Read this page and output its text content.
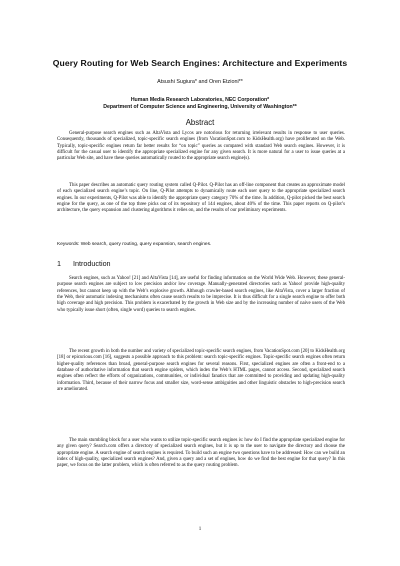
Query Routing for Web Search Engines: Architecture and Experiments
Atsushi Sugiura* and Oren Etzioni**
Human Media Research Laboratories, NEC Corporation*
Department of Computer Science and Engineering, University of Washington**
Abstract

General-purpose search engines such as AltaVista and Lycos are notorious for returning irrelevant results in response to user queries. Consequently, thousands of specialized, topic-specific search engines (from VacationSpot.com to KidsHealth.org) have proliferated on the Web. Typically, topic-specific engines return far better results for “on topic” queries as compared with standard Web search engines. However, it is difficult for the casual user to identify the appropriate specialized engine for any given search. It is more natural for a user to issue queries at a particular Web site, and have these queries automatically routed to the appropriate search engine(s).

This paper describes an automatic query routing system called Q-Pilot. Q-Pilot has an off-line component that creates an approximate model of each specialized search engine’s topic. On line, Q-Pilot attempts to dynamically route each user query to the appropriate specialized search engines. In our experiments, Q-Pilot was able to identify the appropriate query category 70% of the time. In addition, Q-pilot picked the best search engine for the query, as one of the top three picks out of its repository of 144 engines, about 40% of the time. This paper reports on Q-pilot’s architecture, the query expansion and clustering algorithms it relies on, and the results of our preliminary experiments.

Keywords: Web search, query routing, query expansion, search engines.
1 Introduction

Search engines, such as Yahoo! [21] and AltaVista [14], are useful for finding information on the World Wide Web. However, these general-purpose search engines are subject to low precision and/or low coverage. Manually-generated directories such as Yahoo! provide high-quality references, but cannot keep up with the Web’s explosive growth. Although crawler-based search engines, like AltaVista, cover a larger fraction of the Web, their automatic indexing mechanisms often cause search results to be imprecise. It is thus difficult for a single search engine to offer both high coverage and high precision. This problem is exacerbated by the growth in Web size and by the increasing number of naive users of the Web who typically issue short (often, single word) queries to search engines.

The recent growth in both the number and variety of specialized topic-specific search engines, from VacationSpot.com [20] to KidsHealth.org [18] or epicurious.com [16], suggests a possible approach to this problem: search topic-specific engines. Topic-specific search engines often return higher-quality references than broad, general-purpose search engines for several reasons. First, specialized engines are often a front-end to a database of authoritative information that search engine spiders, which index the Web’s HTML pages, cannot access. Second, specialized search engines often reflect the efforts of organizations, communities, or individual fanatics that are committed to providing and updating high-quality information. Third, because of their narrow focus and smaller size, word-sense ambiguities and other linguistic obstacles to high-precision search are ameliorated.

The main stumbling block for a user who wants to utilize topic-specific search engines is: how do I find the appropriate specialized engine for any given query? Search.com offers a directory of specialized search engines, but it is up to the user to navigate the directory and choose the appropriate engine. A search engine of search engines is required. To build such an engine two questions have to be addressed: How can we build an index of high-quality, specialized search engines? And, given a query and a set of engines, how do we find the best engine for that query? In this paper, we focus on the latter problem, which is often referred to as the query routing problem.

1
